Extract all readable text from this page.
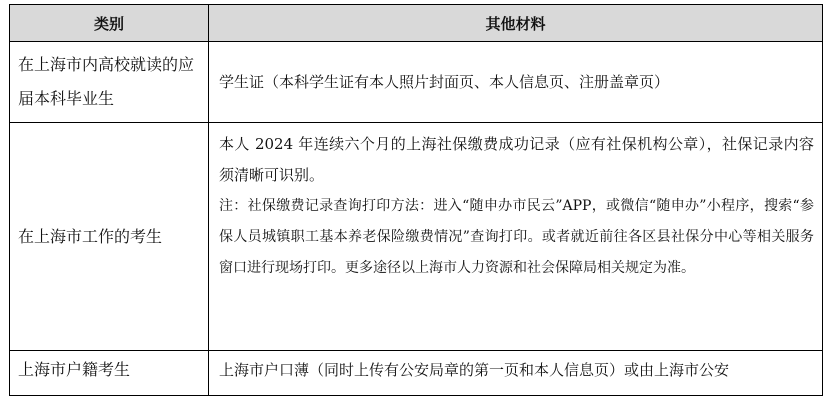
类别	其他材料
在上海市内高校就读的应届本科毕业生	学生证（本科学生证有本人照片封面页、本人信息页、注册盖章页）

在上海市工作的考生	本人 2024 年连续六个月的上海社保缴费成功记录（应有社保机构公章），社保记录内容须清晰可识别。

注：社保缴费记录查询打印方法：进入“随申办市民云”APP，或微信“随申办”小程序，搜索“参保人员城镇职工基本养老保险缴费情况”查询打印。或者就近前往各区县社保分中心等相关服务窗口进行现场打印。更多途径以上海市人力资源和社会保障局相关规定为准。

上海市户籍考生	上海市户口薄（同时上传有公安局章的第一页和本人信息页）或由上海市公安
